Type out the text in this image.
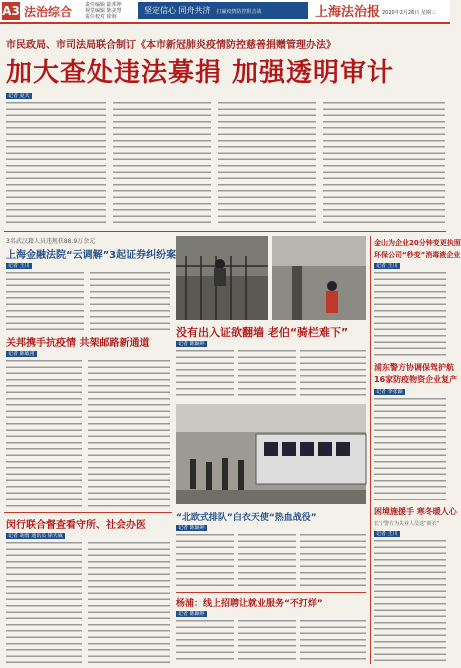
A3 法治综合	责任编辑 陆邦坤
视觉编辑 陈美慧
责任校对 徐海
坚定信心 同舟共济 打赢疫情防控阻击战	上海法治报 2020年2月26日 星期三
市民政局、市司法局联合制订《本市新冠肺炎疫情防控慈善捐赠管理办法》
加大查处违法募捐 加强透明审计
记者 夏天
3名武汉籍人员违规获88.9万余元
上海金融法院“云调解”3起证券纠纷案
记者 王川
关邦携手抗疫情 共架邮路新通道
记者 陈敏甫
闵行联合督查看守所、社会办医
记者 胡蓉 通讯员 徐天威
没有出入证欲翻墙 老伯“骑栏难下”
记者 陈颖婷
“北欧式排队”白衣天使“热血战役”
记者 陈颖婷
杨浦：线上招聘让就业服务“不打烊”
记者 陈颖婷
金山为企业20分钟变更执照
环保公司“秒变”消毒液企业
记者 王川
浦东警方协调保驾护航
16家防疫物资企业复产
记者 季张颖
困境施援手 寒冬暖人心
长宁警方为失业人员送“新衣”
记者 王川
